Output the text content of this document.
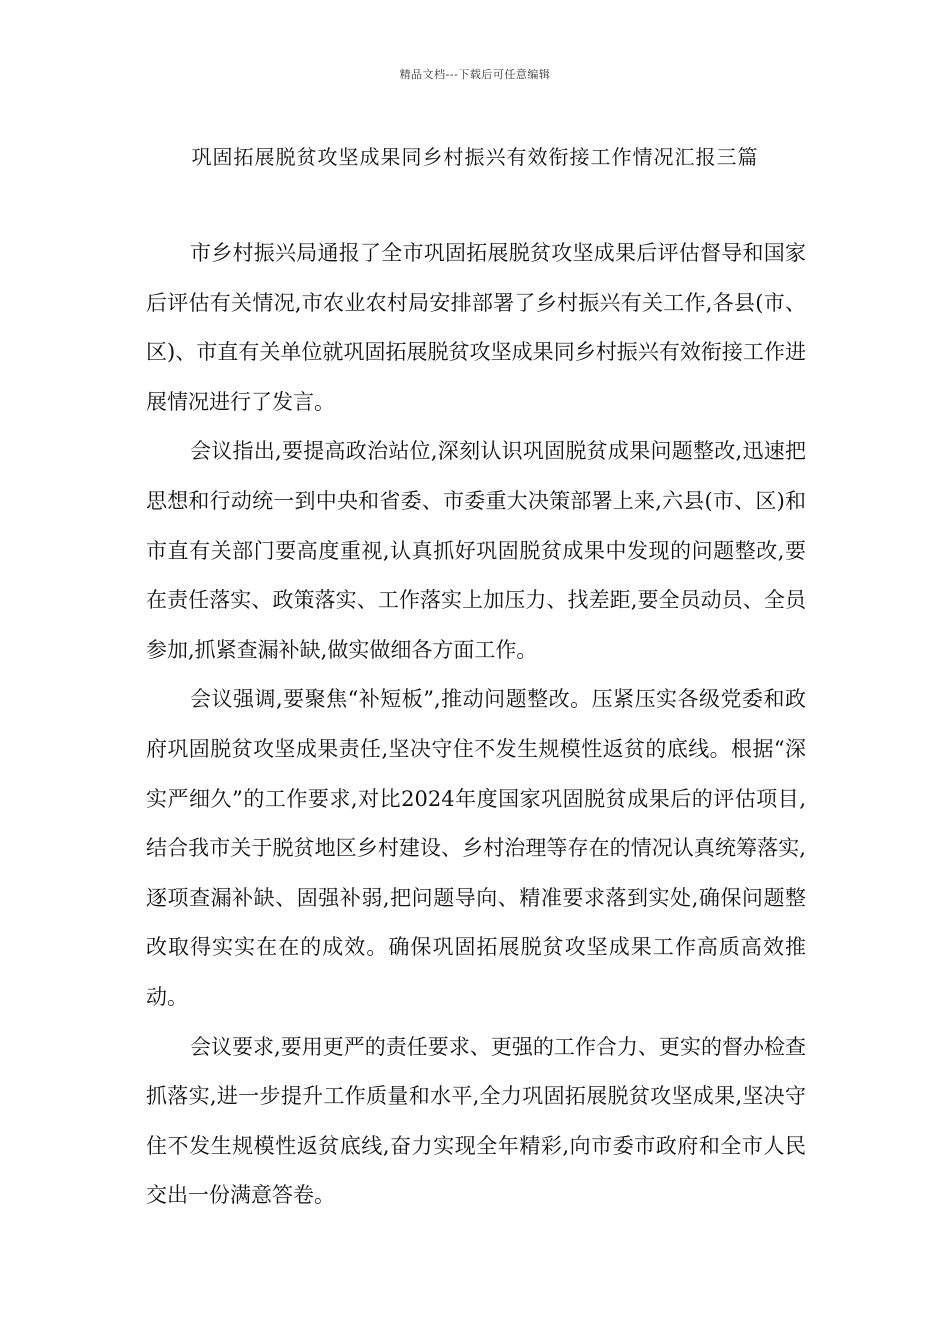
精品文档---下载后可任意编辑
巩固拓展脱贫攻坚成果同乡村振兴有效衔接工作情况汇报三篇

市乡村振兴局通报了全市巩固拓展脱贫攻坚成果后评估督导和国家后评估有关情况,市农业农村局安排部署了乡村振兴有关工作,各县(市、区)、市直有关单位就巩固拓展脱贫攻坚成果同乡村振兴有效衔接工作进展情况进行了发言。

会议指出,要提高政治站位,深刻认识巩固脱贫成果问题整改,迅速把思想和行动统一到中央和省委、市委重大决策部署上来,六县(市、区)和市直有关部门要高度重视,认真抓好巩固脱贫成果中发现的问题整改,要在责任落实、政策落实、工作落实上加压力、找差距,要全员动员、全员参加,抓紧查漏补缺,做实做细各方面工作。

会议强调,要聚焦“补短板”,推动问题整改。压紧压实各级党委和政府巩固脱贫攻坚成果责任,坚决守住不发生规模性返贫的底线。根据“深实严细久”的工作要求,对比2024年度国家巩固脱贫成果后的评估项目,结合我市关于脱贫地区乡村建设、乡村治理等存在的情况认真统筹落实,逐项查漏补缺、固强补弱,把问题导向、精准要求落到实处,确保问题整改取得实实在在的成效。确保巩固拓展脱贫攻坚成果工作高质高效推动。

会议要求,要用更严的责任要求、更强的工作合力、更实的督办检查抓落实,进一步提升工作质量和水平,全力巩固拓展脱贫攻坚成果,坚决守住不发生规模性返贫底线,奋力实现全年精彩,向市委市政府和全市人民交出一份满意答卷。
